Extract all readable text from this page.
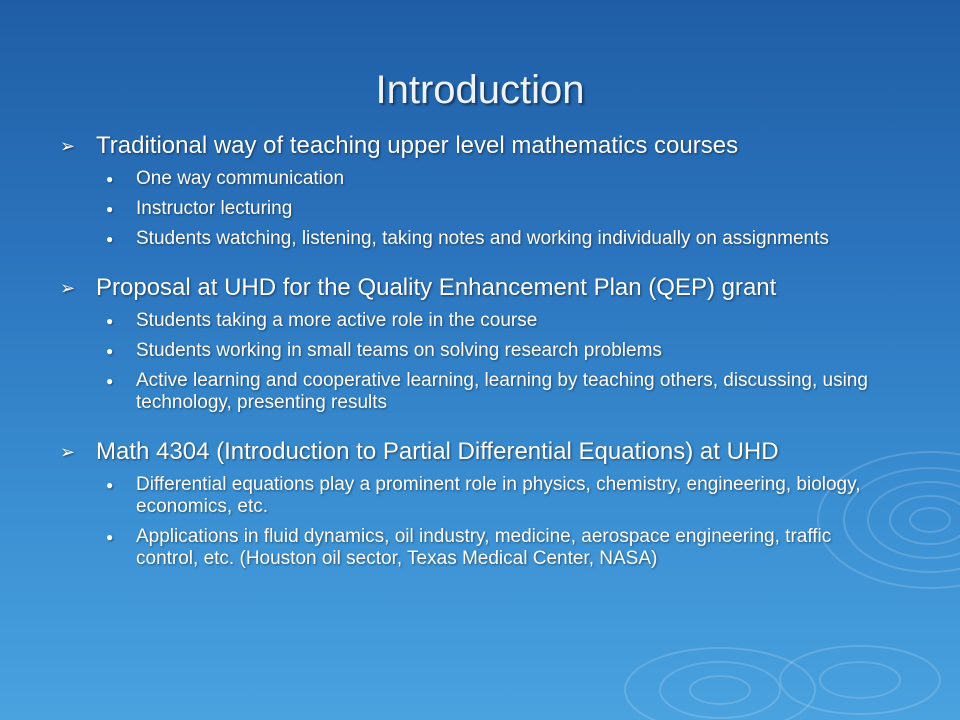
Introduction
➢ Traditional way of teaching upper level mathematics courses
●	One way communication
●	Instructor lecturing
●	Students watching, listening, taking notes and working individually on assignments
➢ Proposal at UHD for the Quality Enhancement Plan (QEP) grant
●	Students taking a more active role in the course
●	Students working in small teams on solving research problems
●	Active learning and cooperative learning, learning by teaching others, discussing, using technology, presenting results
➢ Math 4304 (Introduction to Partial Differential Equations) at UHD
●	Differential equations play a prominent role in physics, chemistry, engineering, biology, economics, etc.
●	Applications in fluid dynamics, oil industry, medicine, aerospace engineering, traffic control, etc. (Houston oil sector, Texas Medical Center, NASA)
